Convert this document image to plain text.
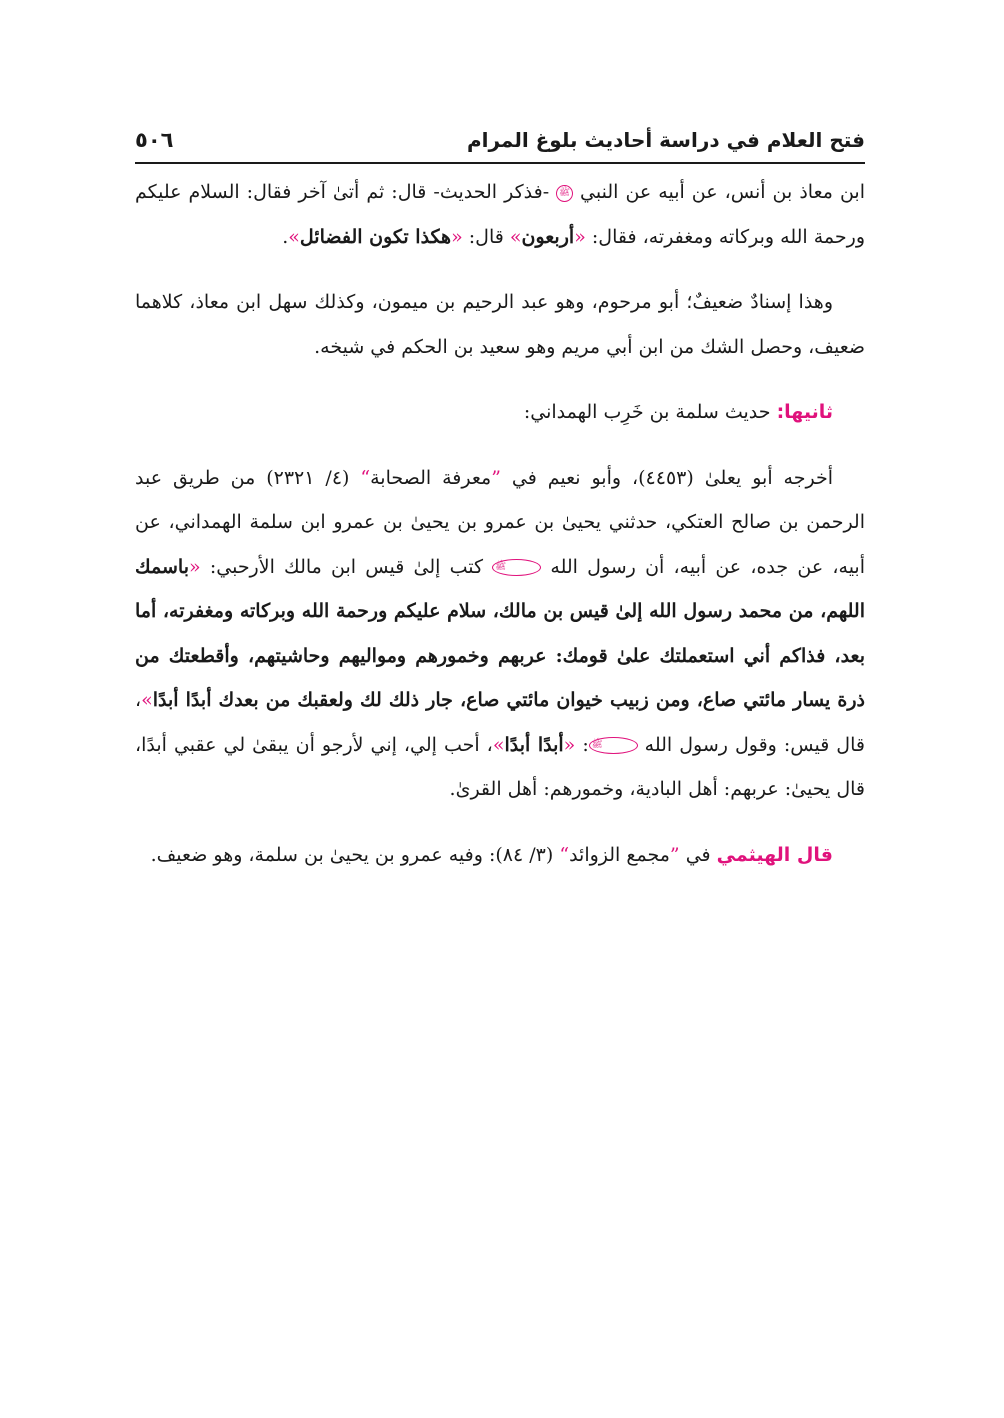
فتح العلام في دراسة أحاديث بلوغ المرام
٥٠٦

ابن معاذ بن أنس، عن أبيه عن النبي ﷺ -فذكر الحديث- قال: ثم أتىٰ آخر فقال: السلام عليكم ورحمة الله وبركاته ومغفرته، فقال: «أربعون» قال: «هكذا تكون الفضائل».

وهذا إسنادٌ ضعيفٌ؛ أبو مرحوم، وهو عبد الرحيم بن ميمون، وكذلك سهل ابن معاذ، كلاهما ضعيف، وحصل الشك من ابن أبي مريم وهو سعيد بن الحكم في شيخه.

ثانيها: حديث سلمة بن خَرِب الهمداني:

أخرجه أبو يعلىٰ (٤٤٥٣)، وأبو نعيم في ”معرفة الصحابة“ (٤/ ٢٣٢١) من طريق عبد الرحمن بن صالح العتكي، حدثني يحيىٰ بن عمرو بن يحيىٰ بن عمرو ابن سلمة الهمداني، عن أبيه، عن جده، عن أبيه، أن رسول الله ﷺ كتب إلىٰ قيس ابن مالك الأرحبي: «باسمك اللهم، من محمد رسول الله إلىٰ قيس بن مالك، سلام عليكم ورحمة الله وبركاته ومغفرته، أما بعد، فذاكم أني استعملتك علىٰ قومك: عربهم وخمورهم ومواليهم وحاشيتهم، وأقطعتك من ذرة يسار مائتي صاع، ومن زبيب خيوان مائتي صاع، جار ذلك لك ولعقبك من بعدك أبدًا أبدًا»، قال قيس: وقول رسول الله ﷺ: «أبدًا أبدًا»، أحب إلي، إني لأرجو أن يبقىٰ لي عقبي أبدًا، قال يحيىٰ: عربهم: أهل البادية، وخمورهم: أهل القرىٰ.

قال الهيثمي في ”مجمع الزوائد“ (٣/ ٨٤): وفيه عمرو بن يحيىٰ بن سلمة، وهو ضعيف.
